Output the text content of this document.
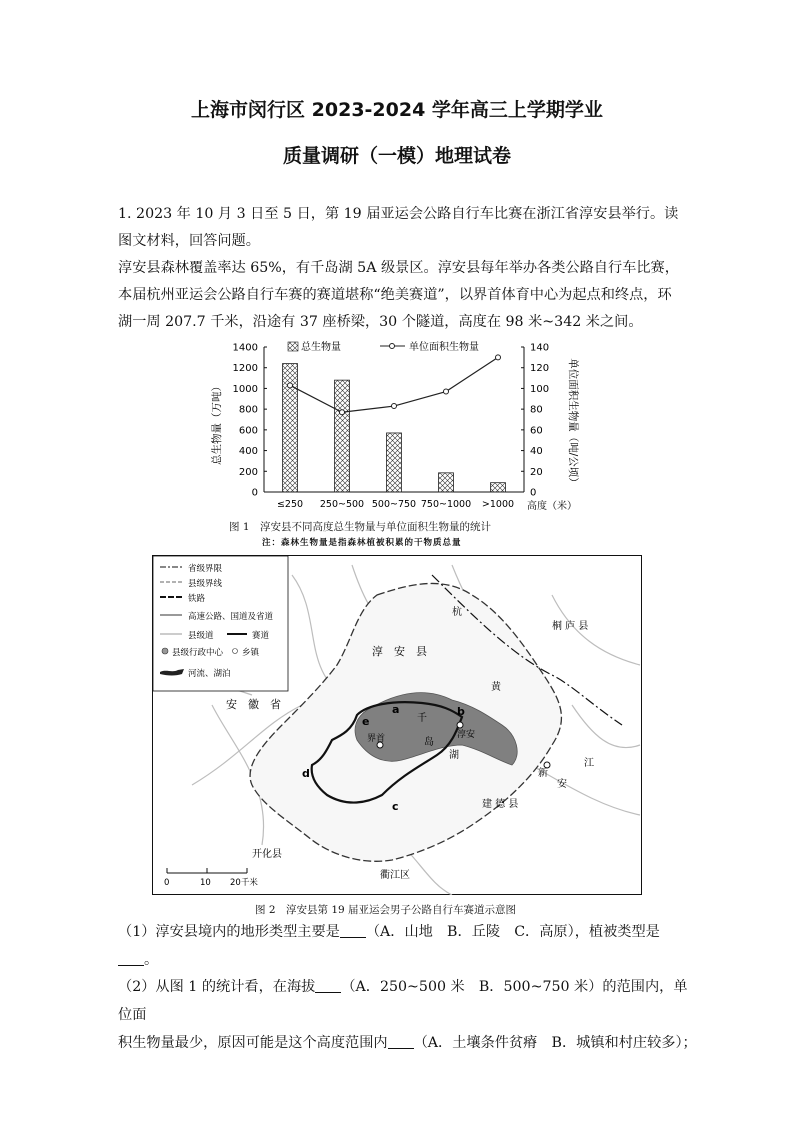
上海市闵行区 2023-2024 学年高三上学期学业
质量调研（一模）地理试卷

1. 2023 年 10 月 3 日至 5 日，第 19 届亚运会公路自行车比赛在浙江省淳安县举行。读图文材料，回答问题。

淳安县森林覆盖率达 65%，有千岛湖 5A 级景区。淳安县每年举办各类公路自行车比赛，本届杭州亚运会公路自行车赛的赛道堪称“绝美赛道”，以界首体育中心为起点和终点，环湖一周 207.7 千米，沿途有 37 座桥梁，30 个隧道，高度在 98 米~342 米之间。

0
200
400
600
800
1000
1200
1400
0
20
40
60
80
100
120
140
≤250 250~500 500~750 750~1000 >1000
总生物量	单位面积生物量
总生物量（万吨）	单位面积生物量（吨/公顷）
高度（米）
图 1　淳安县不同高度总生物量与单位面积生物量的统计
注：森林生物量是指森林植被积累的干物质总量
省级界限
县级界线
铁路
高速公路、国道及省道
县级道	赛道
县级行政中心 乡镇
河流、湖泊
安　徽　省
淳　安　县
桐 庐 县
开化县
衢江区
建 德 县
界首	淳安
千
岛
湖
杭
黄
新
安
江
a	b
c
d
e
0	10 20千米
图 2　淳安县第 19 届亚运会男子公路自行车赛道示意图

（1）淳安县境内的地形类型主要是 （A．山地　B．丘陵　C．高原），植被类型是
。

（2）从图 1 的统计看，在海拔 （A．250~500 米　B．500~750 米）的范围内，单位面
积生物量最少，原因可能是这个高度范围内 （A．土壤条件贫瘠　B．城镇和村庄较多）；
